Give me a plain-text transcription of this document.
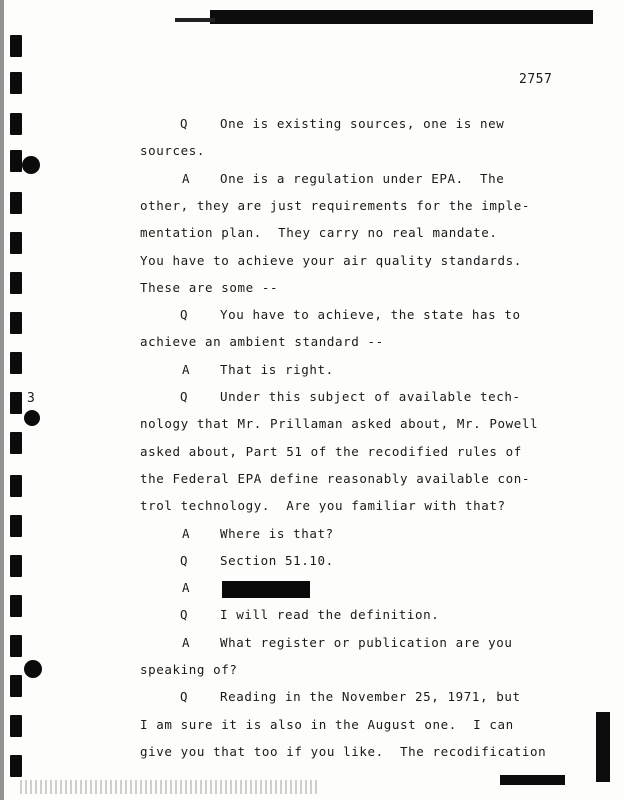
3
2757
Q	One is existing sources, one is new
sources.
A One is a regulation under EPA.  The
other, they are just requirements for the imple-
mentation plan.  They carry no real mandate.
You have to achieve your air quality standards.
These are some --
Q	You have to achieve, the state has to
achieve an ambient standard --
A That is right.
Q	Under this subject of available tech-
nology that Mr. Prillaman asked about, Mr. Powell
asked about, Part 51 of the recodified rules of
the Federal EPA define reasonably available con-
trol technology.  Are you familiar with that?
A Where is that?
Q	Section 51.10.
A
Q	I will read the definition.
A What register or publication are you
speaking of?
Q	Reading in the November 25, 1971, but
I am sure it is also in the August one.  I can
give you that too if you like.  The recodification
